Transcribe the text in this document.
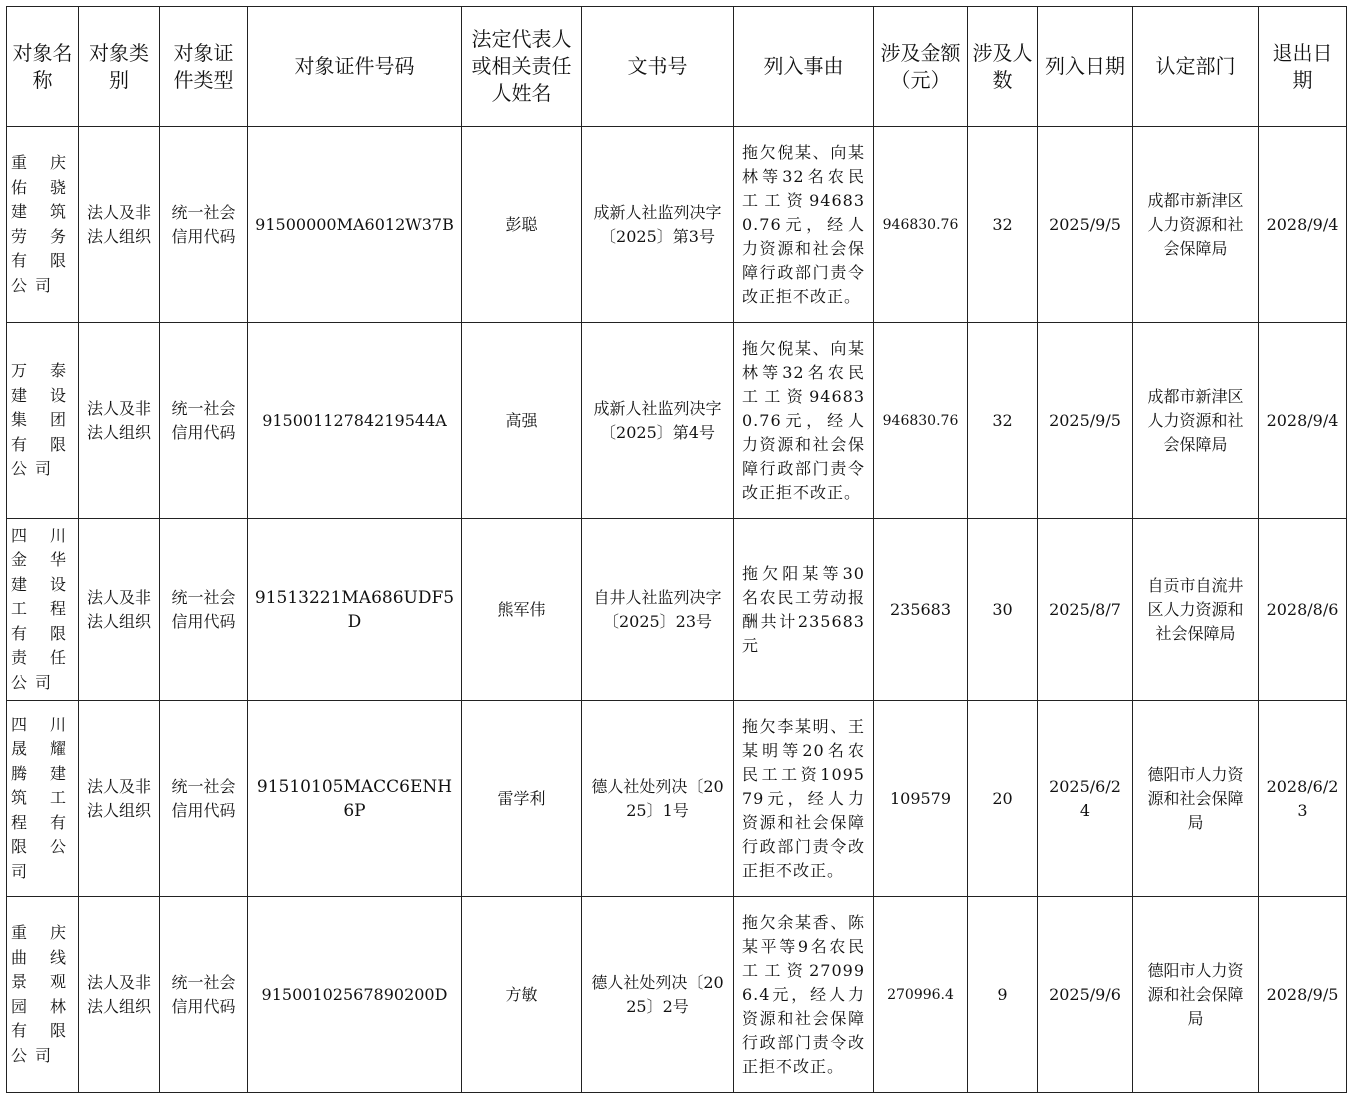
对象名称	对象类别	对象证件类型	对象证件号码	法定代表人或相关责任人姓名	文书号	列入事由	涉及金额（元）	涉及人数	列入日期	认定部门	退出日期
重庆佑骁建筑劳务有限公司	法人及非法人组织	统一社会信用代码	91500000MA6012W37B	彭聪	成新人社监列决字〔2025〕第3号	拖欠倪某、向某林等32名农民工工资946830.76元，经人力资源和社会保障行政部门责令改正拒不改正。	946830.76	32	2025/9/5	成都市新津区人力资源和社会保障局	2028/9/4
万泰建设集团有限公司	法人及非法人组织	统一社会信用代码	91500112784219544A	高强	成新人社监列决字〔2025〕第4号	拖欠倪某、向某林等32名农民工工资946830.76元，经人力资源和社会保障行政部门责令改正拒不改正。	946830.76	32	2025/9/5	成都市新津区人力资源和社会保障局	2028/9/4
四川金华建设工程有限责任公司	法人及非法人组织	统一社会信用代码	91513221MA686UDF5D	熊军伟	自井人社监列决字〔2025〕23号	拖欠阳某等30名农民工劳动报酬共计235683元	235683	30	2025/8/7	自贡市自流井区人力资源和社会保障局	2028/8/6
四川晟耀腾建筑工程有限公司	法人及非法人组织	统一社会信用代码	91510105MACC6ENH6P	雷学利	德人社处列决〔2025〕1号	拖欠李某明、王某明等20名农民工工资109579元，经人力资源和社会保障行政部门责令改正拒不改正。	109579	20	2025/6/24	德阳市人力资源和社会保障局	2028/6/23
重庆曲线景观园林有限公司	法人及非法人组织	统一社会信用代码	91500102567890200D	方敏	德人社处列决〔2025〕2号	拖欠余某香、陈某平等9名农民工工资270996.4元，经人力资源和社会保障行政部门责令改正拒不改正。	270996.4	9	2025/9/6	德阳市人力资源和社会保障局	2028/9/5
